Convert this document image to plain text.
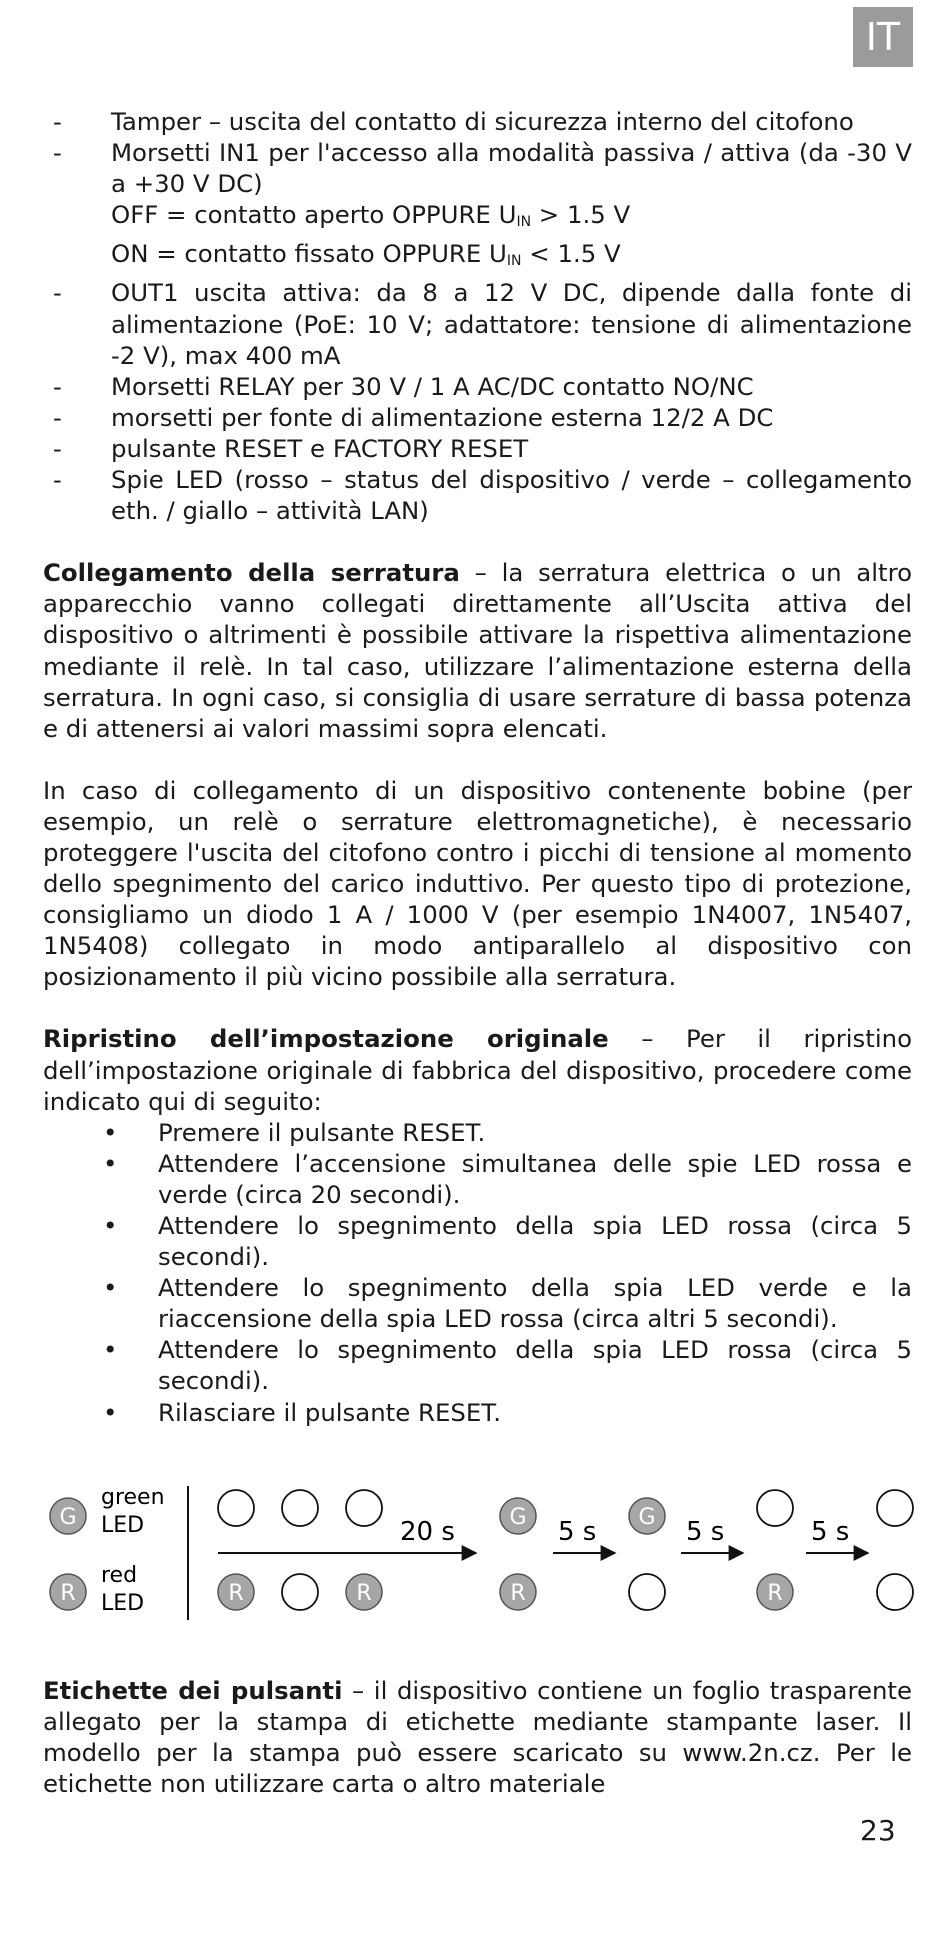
IT
- Tamper – uscita del contatto di sicurezza interno del citofono
- Morsetti IN1 per l'accesso alla modalità passiva / attiva (da -30 V a +30 V DC)
OFF = contatto aperto OPPURE $U_{IN} > 1.5$ V
ON = contatto fissato OPPURE $U_{IN} < 1.5$ V
- OUT1 uscita attiva: da 8 a 12 V DC, dipende dalla fonte di alimentazione (PoE: 10 V; adattatore: tensione di alimentazione -2 V), max 400 mA
- Morsetti RELAY per 30 V / 1 A AC/DC contatto NO/NC
- morsetti per fonte di alimentazione esterna 12/2 A DC
- pulsante RESET e FACTORY RESET
- Spie LED (rosso – status del dispositivo / verde – collegamento eth. / giallo – attività LAN)

Collegamento della serratura – la serratura elettrica o un altro apparecchio vanno collegati direttamente all’Uscita attiva del dispositivo o altrimenti è possibile attivare la rispettiva alimentazione mediante il relè. In tal caso, utilizzare l’alimentazione esterna della serratura. In ogni caso, si consiglia di usare serrature di bassa potenza e di attenersi ai valori massimi sopra elencati.

In caso di collegamento di un dispositivo contenente bobine (per esempio, un relè o serrature elettromagnetiche), è necessario proteggere l'uscita del citofono contro i picchi di tensione al momento dello spegnimento del carico induttivo. Per questo tipo di protezione, consigliamo un diodo 1 A / 1000 V (per esempio 1N4007, 1N5407, 1N5408) collegato in modo antiparallelo al dispositivo con posizionamento il più vicino possibile alla serratura.

Ripristino dell’impostazione originale – Per il ripristino dell’impostazione originale di fabbrica del dispositivo, procedere come indicato qui di seguito:

• Premere il pulsante RESET.
• Attendere l’accensione simultanea delle spie LED rossa e verde (circa 20 secondi).
• Attendere lo spegnimento della spia LED rossa (circa 5 secondi).
• Attendere lo spegnimento della spia LED verde e la riaccensione della spia LED rossa (circa altri 5 secondi).
• Attendere lo spegnimento della spia LED rossa (circa 5 secondi).
• Rilasciare il pulsante RESET.
G
R
green
LED
red
LED	R	R
20 s G
R
5 s G 5 s
R
5 s

Etichette dei pulsanti – il dispositivo contiene un foglio trasparente allegato per la stampa di etichette mediante stampante laser. Il modello per la stampa può essere scaricato su www.2n.cz. Per le etichette non utilizzare carta o altro materiale

23
